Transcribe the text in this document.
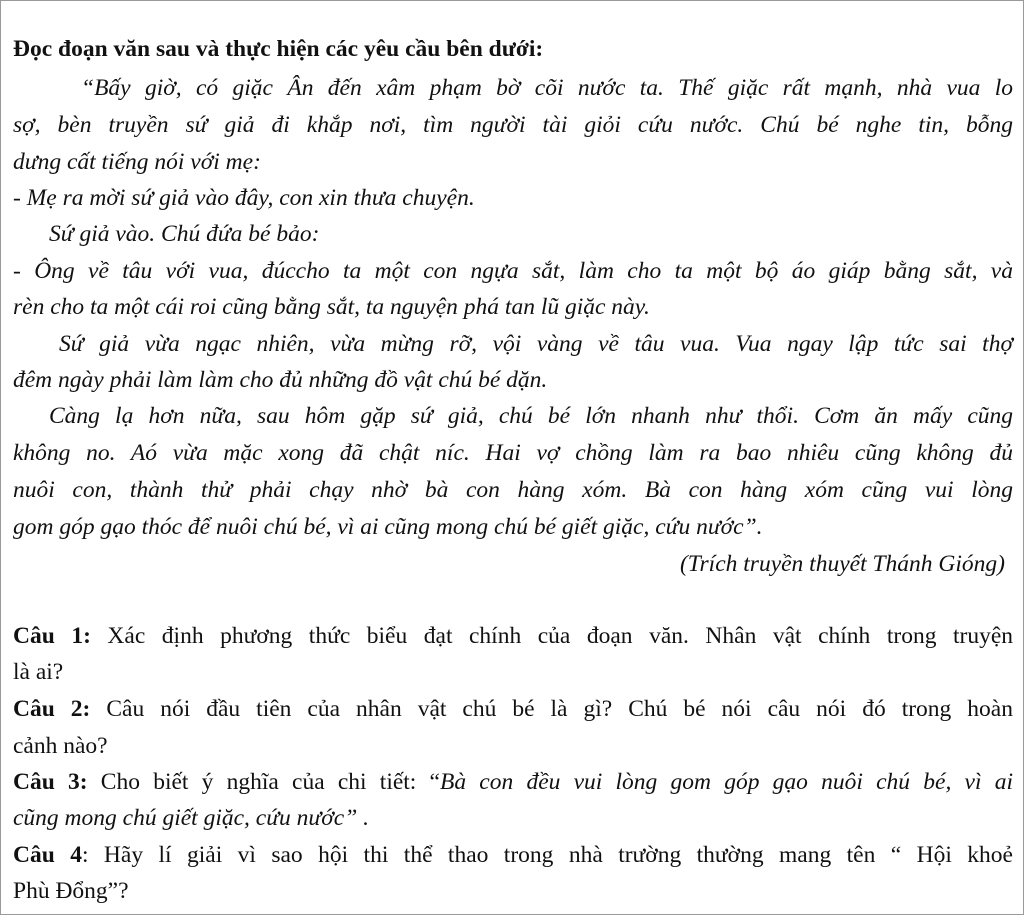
Đọc đoạn văn sau và thực hiện các yêu cầu bên dưới:
“Bấy giờ, có giặc Ân đến xâm phạm bờ cõi nước ta. Thế giặc rất mạnh, nhà vua lo
sợ, bèn truyền sứ giả đi khắp nơi, tìm người tài giỏi cứu nước. Chú bé nghe tin, bỗng
dưng cất tiếng nói với mẹ:
- Mẹ ra mời sứ giả vào đây, con xin thưa chuyện.
Sứ giả vào. Chú đứa bé bảo:
- Ông về tâu với vua, đúccho ta một con ngựa sắt, làm cho ta một bộ áo giáp bằng sắt, và
rèn cho ta một cái roi cũng bằng sắt, ta nguyện phá tan lũ giặc này.
Sứ giả vừa ngạc nhiên, vừa mừng rỡ, vội vàng về tâu vua. Vua ngay lập tức sai thợ
đêm ngày phải làm làm cho đủ những đồ vật chú bé dặn.
Càng lạ hơn nữa, sau hôm gặp sứ giả, chú bé lớn nhanh như thổi. Cơm ăn mấy cũng
không no. Aó vừa mặc xong đã chật níc. Hai vợ chồng làm ra bao nhiêu cũng không đủ
nuôi con, thành thử phải chạy nhờ bà con hàng xóm. Bà con hàng xóm cũng vui lòng
gom góp gạo thóc để nuôi chú bé, vì ai cũng mong chú bé giết giặc, cứu nước”.
(Trích truyền thuyết Thánh Gióng)
Câu 1: Xác định phương thức biểu đạt chính của đoạn văn. Nhân vật chính trong truyện
là ai?
Câu 2: Câu nói đầu tiên của nhân vật chú bé là gì? Chú bé nói câu nói đó trong hoàn
cảnh nào?
Câu 3: Cho biết ý nghĩa của chi tiết: “Bà con đều vui lòng gom góp gạo nuôi chú bé, vì ai
cũng mong chú giết giặc, cứu nước” .
Câu 4: Hãy lí giải vì sao hội thi thể thao trong nhà trường thường mang tên “ Hội khoẻ
Phù Đổng”?
